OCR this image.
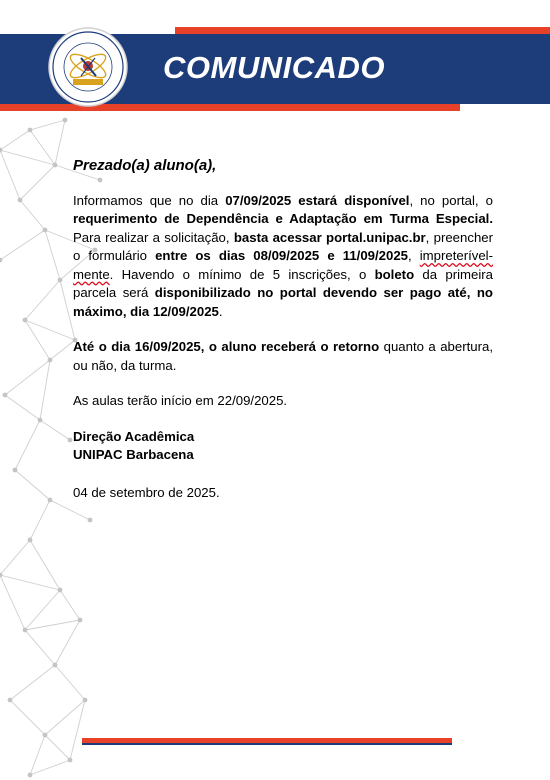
COMUNICADO

Prezado(a) aluno(a),

Informamos que no dia 07/09/2025 estará disponível, no portal, o requerimento de Dependência e Adaptação em Turma Especial. Para realizar a solicitação, basta acessar portal.unipac.br, preencher o formulário entre os dias 08/09/2025 e 11/09/2025, impreterível-mente. Havendo o mínimo de 5 inscrições, o boleto da primeira parcela será disponibilizado no portal devendo ser pago até, no máximo, dia 12/09/2025.

Até o dia 16/09/2025, o aluno receberá o retorno quanto a abertura, ou não, da turma.

As aulas terão início em 22/09/2025.

Direção Acadêmica
UNIPAC Barbacena

04 de setembro de 2025.
